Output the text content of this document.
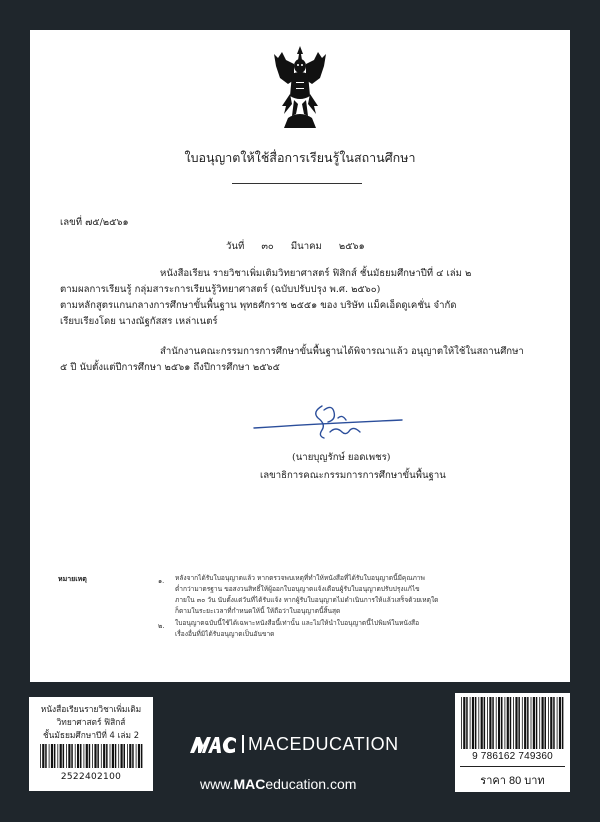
ใบอนุญาตให้ใช้สื่อการเรียนรู้ในสถานศึกษา
เลขที่ ๗๕/๒๕๖๑
วันที่ ๓๐ มีนาคม ๒๕๖๑
หนังสือเรียน รายวิชาเพิ่มเติมวิทยาศาสตร์ ฟิสิกส์ ชั้นมัธยมศึกษาปีที่ ๔ เล่ม ๒
ตามผลการเรียนรู้ กลุ่มสาระการเรียนรู้วิทยาศาสตร์ (ฉบับปรับปรุง พ.ศ. ๒๕๖๐)
ตามหลักสูตรแกนกลางการศึกษาขั้นพื้นฐาน พุทธศักราช ๒๕๕๑ ของ บริษัท แม็คเอ็ดดูเคชั่น จำกัด
เรียบเรียงโดย นางณัฐกัสสร เหล่าเนตร์
สำนักงานคณะกรรมการการศึกษาขั้นพื้นฐานได้พิจารณาแล้ว อนุญาตให้ใช้ในสถานศึกษา
๕ ปี นับตั้งแต่ปีการศึกษา ๒๕๖๑ ถึงปีการศึกษา ๒๕๖๕
(นายบุญรักษ์ ยอดเพชร)
เลขาธิการคณะกรรมการการศึกษาขั้นพื้นฐาน
หมายเหตุ	๑. หลังจากได้รับใบอนุญาตแล้ว หากตรวจพบเหตุที่ทำให้หนังสือที่ได้รับใบอนุญาตนี้มีคุณภาพ
ต่ำกว่ามาตรฐาน ขอสงวนสิทธิ์ให้ผู้ออกใบอนุญาตแจ้งเตือนผู้รับใบอนุญาตปรับปรุงแก้ไข
ภายใน ๓๐ วัน นับตั้งแต่วันที่ได้รับแจ้ง หากผู้รับใบอนุญาตไม่ดำเนินการให้แล้วเสร็จด้วยเหตุใด
ก็ตามในระยะเวลาที่กำหนดให้นี้ ให้ถือว่าใบอนุญาตนี้สิ้นสุด
๒. ใบอนุญาตฉบับนี้ใช้ได้เฉพาะหนังสือนี้เท่านั้น และไม่ให้นำใบอนุญาตนี้ไปพิมพ์ในหนังสือ
เรื่องอื่นที่มิได้รับอนุญาตเป็นอันขาด
หนังสือเรียนรายวิชาเพิ่มเติม
วิทยาศาสตร์ ฟิสิกส์
ชั้นมัธยมศึกษาปีที่ 4 เล่ม 2
2522402100
MACEDUCATION
www.MACeducation.com
9 786162 749360
ราคา 80 บาท
